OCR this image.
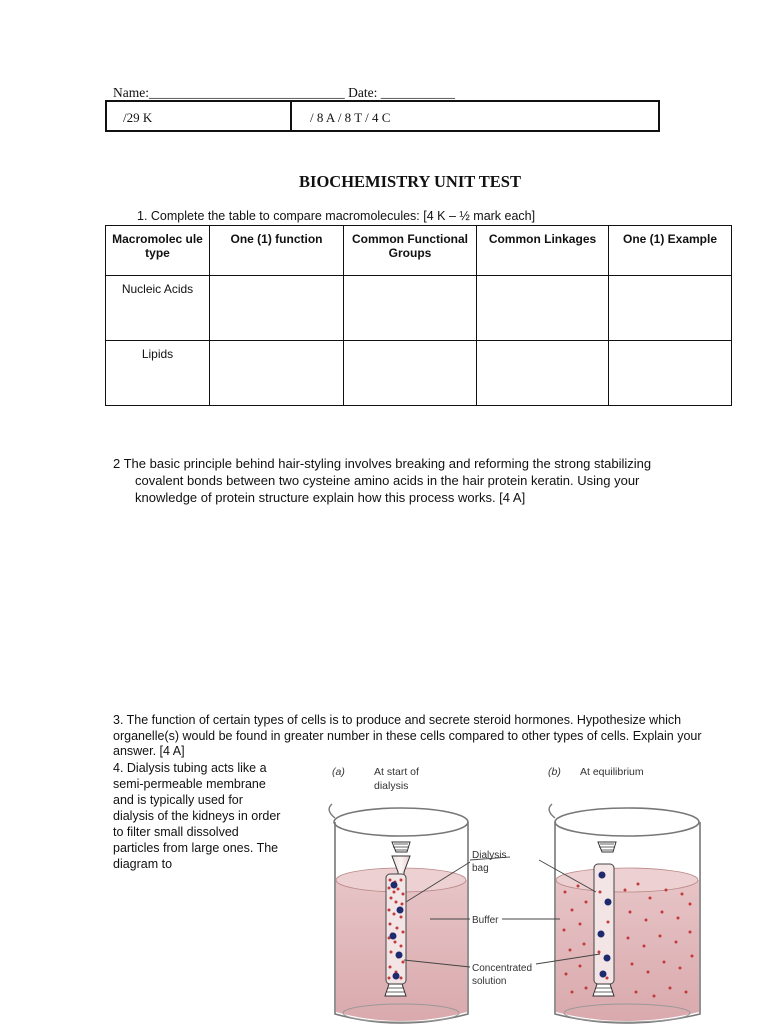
Name:_____________________________ Date: ___________
/29 K	/ 8 A / 8 T / 4 C
BIOCHEMISTRY UNIT TEST
1. Complete the table to compare macromolecules: [4 K – ½ mark each]
Macromolec ule type	One (1) function	Common Functional Groups	Common Linkages	One (1) Example
Nucleic Acids				
Lipids				
2 The basic principle behind hair-styling involves breaking and reforming the strong stabilizing
covalent bonds between two cysteine amino acids in the hair protein keratin. Using your
knowledge of protein structure explain how this process works. [4 A]
3. The function of certain types of cells is to produce and secrete steroid hormones. Hypothesize which organelle(s) would be found in greater number in these cells compared to other types of cells. Explain your answer. [4 A]
4. Dialysis tubing acts like a semi-permeable membrane and is typically used for dialysis of the kidneys in order to filter small dissolved particles from large ones. The diagram to
(a)	At start of
dialysis
(b) At equilibrium
Dialysis
bag
Buffer
Concentrated
solution
